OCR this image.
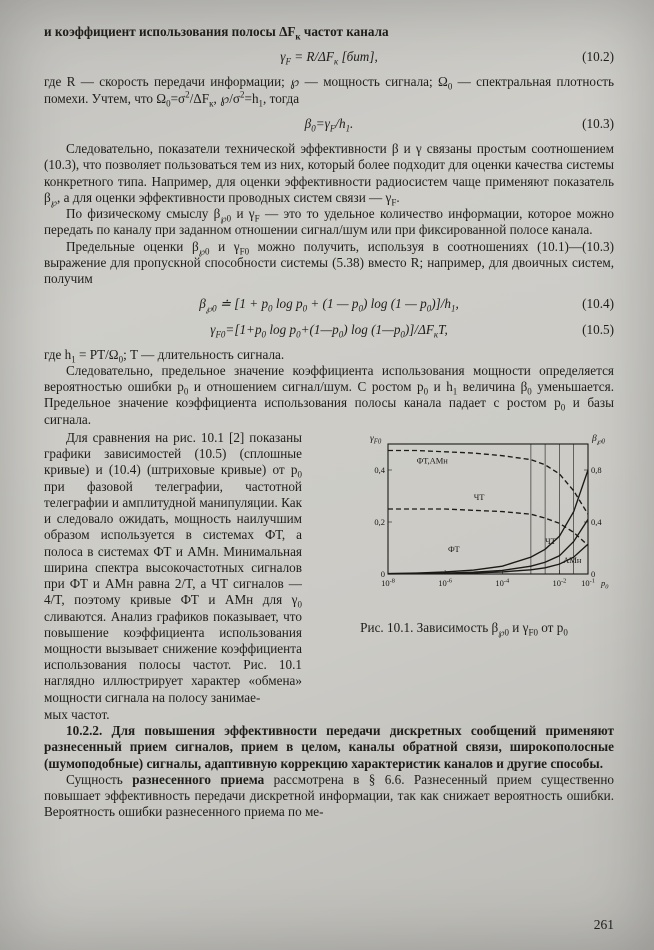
и коэффициент использования полосы $\Delta F_к$ частот канала

$\gamma_F = R/\Delta F_к$ [бит],	(10.2)

где R — скорость передачи информации; ℘ — мощность сигнала; $\Omega_0$ — спектральная плотность помехи. Учтем, что $\Omega_0=\sigma^2/\Delta F_к$, $℘/\sigma^2=h_1$, тогда

$\beta_0=\gamma_F/h_1$.	(10.3)

Следовательно, показатели технической эффективности β и γ связаны простым соотношением (10.3), что позволяет пользоваться тем из них, который более подходит для оценки качества системы конкретного типа. Например, для оценки эффективности радиосистем чаще применяют показатель $\beta_℘$, а для оценки эффективности проводных систем связи — $\gamma_F$.

По физическому смыслу $\beta_{℘0}$ и $\gamma_F$ — это то удельное количество информации, которое можно передать по каналу при заданном отношении сигнал/шум или при фиксированной полосе канала.

Предельные оценки $\beta_{℘0}$ и $\gamma_{F0}$ можно получить, используя в соотношениях (10.1)—(10.3) выражение для пропускной способности системы (5.38) вместо R; например, для двоичных систем, получим

$\beta_{℘0}$ ≐ [$1 + p_0$ $\log p_0 + (1$ — $p_0$) log (1 — $p_0)]/h_1$,	(10.4)
$\gamma_{F0}=[1+p_0$ $\log p_0+(1—p_0)$ $\log (1—p_0)]/\Delta F_кT$,	(10.5)

где $h_1 = PT/\Omega_0$; T — длительность сигнала.

Следовательно, предельное значение коэффициента использования мощности определяется вероятностью ошибки $p_0$ и отношением сигнал/шум. С ростом $p_0$ и $h_1$ величина $\beta_0$ уменьшается. Предельное значение коэффициента использования полосы канала падает с ростом $p_0$ и базы сигнала.

Для сравнения на рис. 10.1 [2] показаны графики зависимостей (10.5) (сплошные кривые) и (10.4) (штриховые кривые) от $p_0$ при фазовой телеграфии, частотной телеграфии и амплитудной манипуляции. Как и следовало ожидать, мощность наилучшим образом используется в системах ФТ, а полоса в системах ФТ и АМн. Минимальная ширина спектра высокочастотных сигналов при ФТ и АМн равна 2/T, а ЧТ сигналов — 4/T, поэтому кривые ФТ и АМн для $\gamma_0$ сливаются. Анализ графиков показывает, что повышение коэффициента использования мощности вызывает снижение коэффициента использования полосы частот. Рис. 10.1 наглядно иллюстрирует характер «обмена» мощности сигнала на полосу занимае-

0
0,2
0,4
0
0,4
0,8
$10^{-8}$	$10^{-6}$	$10^{-4}$	$10^{-2}$ $10^{-1}$ $p_0$
$\gamma_{F0}$	$\beta_{℘0}$
ФТ,АМн
ЧТ
ФТ
ЧТ
АМн
Рис. 10.1. Зависимость $\beta_{℘0}$ и $\gamma_{F0}$ от $p_0$

мых частот.

10.2.2. Для повышения эффективности передачи дискретных сообщений применяют разнесенный прием сигналов, прием в целом, каналы обратной связи, широкополосные (шумоподобные) сигналы, адаптивную коррекцию характеристик каналов и другие способы.

Сущность разнесенного приема рассмотрена в § 6.6. Разнесенный прием существенно повышает эффективность передачи дискретной информации, так как снижает вероятность ошибки. Вероятность ошибки разнесенного приема по ме-

261
